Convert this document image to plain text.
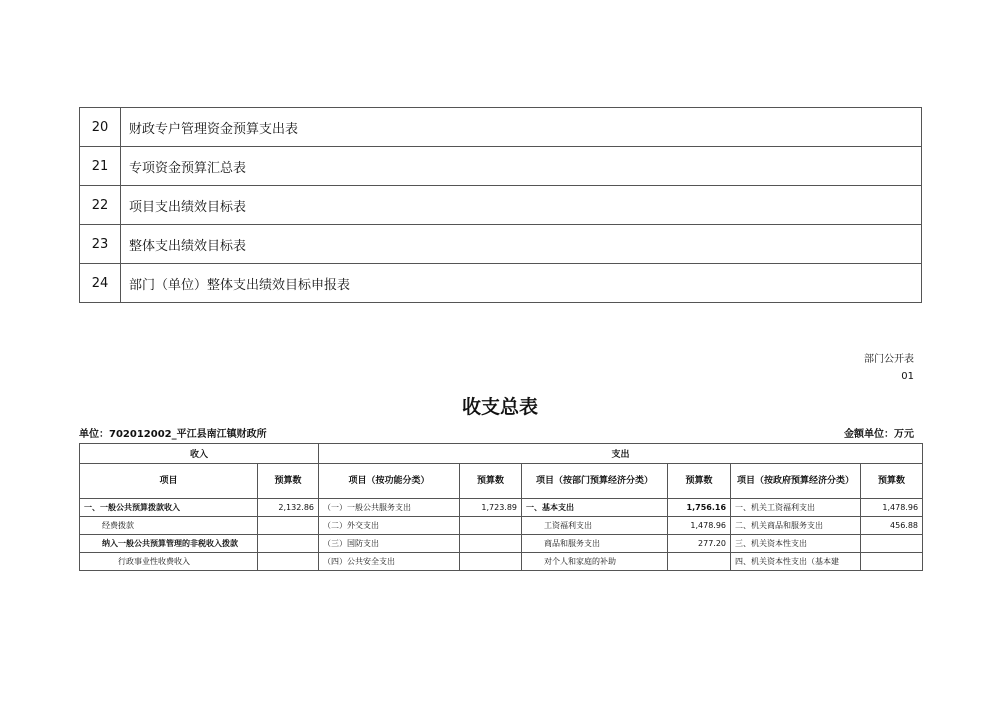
20	财政专户管理资金预算支出表
21	专项资金预算汇总表
22	项目支出绩效目标表
23	整体支出绩效目标表
24	部门（单位）整体支出绩效目标申报表
部门公开表
01
收支总表
单位：702012002_平江县南江镇财政所	金额单位：万元
收入		支出					
项目	预算数	项目（按功能分类）	预算数	项目（按部门预算经济分类）	预算数	项目（按政府预算经济分类）	预算数
一、一般公共预算拨款收入	2,132.86	（一）一般公共服务支出	1,723.89	一、基本支出	1,756.16	一、机关工资福利支出	1,478.96
经费拨款		（二）外交支出		工资福利支出	1,478.96	二、机关商品和服务支出	456.88
纳入一般公共预算管理的非税收入拨款		（三）国防支出		商品和服务支出	277.20	三、机关资本性支出	
行政事业性收费收入		（四）公共安全支出		对个人和家庭的补助		四、机关资本性支出（基本建	
